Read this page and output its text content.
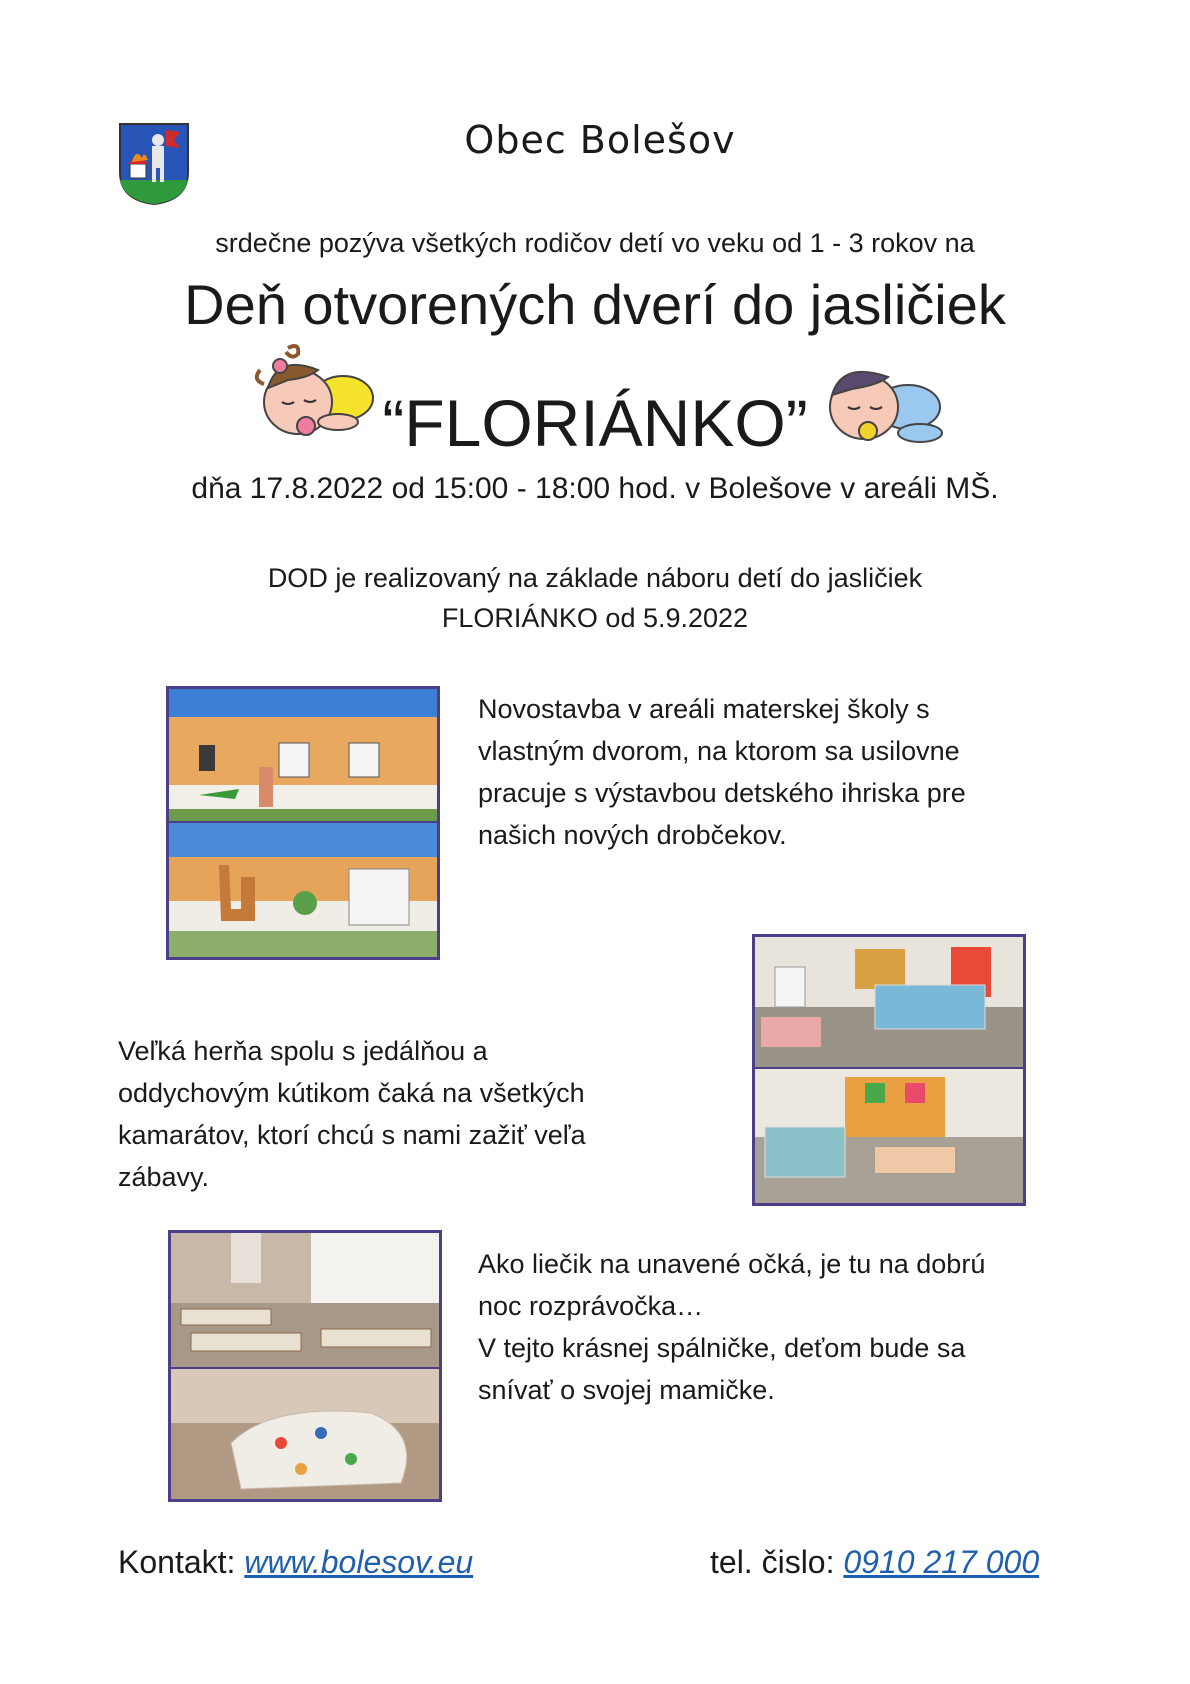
Obec Bolešov
srdečne pozýva všetkých rodičov detí vo veku od 1 - 3 rokov na
Deň otvorených dverí do jasličiek
“FLORIÁNKO”
dňa 17.8.2022 od 15:00 - 18:00 hod. v Bolešove v areáli MŠ.
DOD je realizovaný na základe náboru detí do jasličiek
FLORIÁNKO od 5.9.2022
Novostavba v areáli materskej školy s
vlastným dvorom, na ktorom sa usilovne
pracuje s výstavbou detského ihriska pre
našich nových drobčekov.
Veľká herňa spolu s jedálňou a
oddychovým kútikom čaká na všetkých
kamarátov, ktorí chcú s nami zažiť veľa
zábavy.
Ako liečik na unavené očká, je tu na dobrú
noc rozprávočka…
V tejto krásnej spálničke, deťom bude sa
snívať o svojej mamičke.
Kontakt: www.bolesov.eu	tel. čislo: 0910 217 000
